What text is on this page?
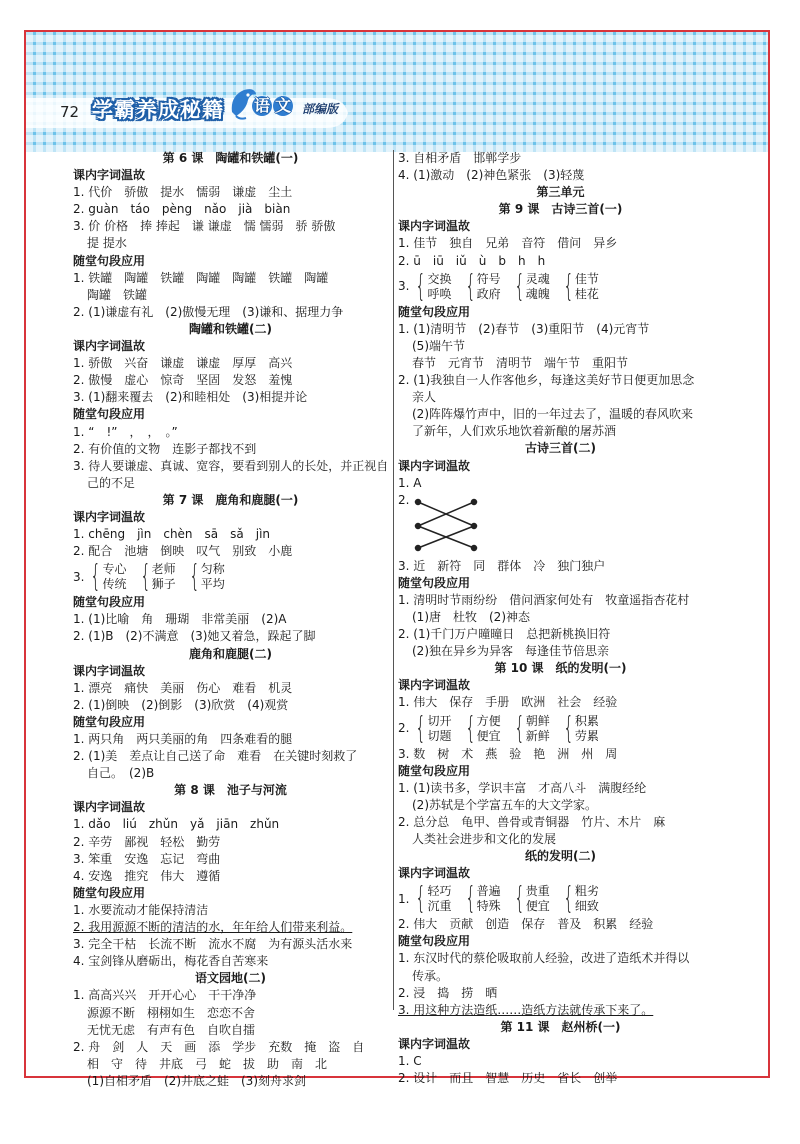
72 学霸养成秘籍 语 文 部编版
第 6 课　陶罐和铁罐(一)
课内字词温故
1. 代价　骄傲　提水　懦弱　谦虚　尘土
2. guàn　táo　pèng　nǎo　jià　biàn
3. 价 价格　捧 捧起　谦 谦虚　懦 懦弱　骄 骄傲
提 提水
随堂句段应用
1. 铁罐　陶罐　铁罐　陶罐　陶罐　铁罐　陶罐
陶罐　铁罐
2. (1)谦虚有礼　(2)傲慢无理　(3)谦和、据理力争
陶罐和铁罐(二)
课内字词温故
1. 骄傲　兴奋　谦虚　谦虚　厚厚　高兴
2. 傲慢　虚心　惊奇　坚固　发怒　羞愧
3. (1)翻来覆去　(2)和睦相处　(3)相提并论
随堂句段应用
1. “　!”　，　，　。”
2. 有价值的文物　连影子都找不到
3. 待人要谦虚、真诚、宽容，要看到别人的长处，并正视自
己的不足
第 7 课　鹿角和鹿腿(一)
课内字词温故
1. chēng　jìn　chèn　sā　sǎ　jìn
2. 配合　池塘　倒映　叹气　别致　小鹿
3. { 专心
传统 { 老师
狮子 { 匀称
平均
随堂句段应用
1. (1)比喻　角　珊瑚　非常美丽　(2)A
2. (1)B　(2)不满意　(3)她又着急，跺起了脚
鹿角和鹿腿(二)
课内字词温故
1. 漂亮　痛快　美丽　伤心　难看　机灵
2. (1)倒映　(2)倒影　(3)欣赏　(4)观赏
随堂句段应用
1. 两只角　两只美丽的角　四条难看的腿
2. (1)美　差点让自己送了命　难看　在关键时刻救了
自己。　(2)B
第 8 课　池子与河流
课内字词温故
1. dǎo　liú　zhǔn　yǎ　jiān　zhǔn
2. 辛劳　鄙视　轻松　勤劳
3. 笨重　安逸　忘记　弯曲
4. 安逸　推究　伟大　遵循
随堂句段应用
1. 水要流动才能保持清洁
2. 我用源源不断的清洁的水，年年给人们带来利益。
3. 完全干枯　长流不断　流水不腐　为有源头活水来
4. 宝剑锋从磨砺出，梅花香自苦寒来
语文园地(二)
1. 高高兴兴　开开心心　干干净净
源源不断　栩栩如生　恋恋不舍
无忧无虑　有声有色　自吹自擂
2. 舟　剑　人　天　画　添　学步　充数　掩　盗　自
相　守　待　井底　弓　蛇　拔　助　南　北
(1)自相矛盾　(2)井底之蛙　(3)刻舟求剑
3. 自相矛盾　邯郸学步
4. (1)激动　(2)神色紧张　(3)轻蔑
第三单元
第 9 课　古诗三首(一)
课内字词温故
1. 佳节　独自　兄弟　音符　借问　异乡
2. ū　iū　iǔ　ù　b　h　h
3. { 交换
呼唤 { 符号
政府 { 灵魂
魂魄 { 佳节
桂花
随堂句段应用
1. (1)清明节　(2)春节　(3)重阳节　(4)元宵节
(5)端午节
春节　元宵节　清明节　端午节　重阳节
2. (1)我独自一人作客他乡，每逢这美好节日便更加思念
亲人
(2)阵阵爆竹声中，旧的一年过去了，温暖的春风吹来
了新年，人们欢乐地饮着新酿的屠苏酒
古诗三首(二)
课内字词温故
1. A
2.
3. 近　新符　同　群体　冷　独门独户
随堂句段应用
1. 清明时节雨纷纷　借问酒家何处有　牧童遥指杏花村
(1)唐　杜牧　(2)神态
2. (1)千门万户曈曈日　总把新桃换旧符
(2)独在异乡为异客　每逢佳节倍思亲
第 10 课　纸的发明(一)
课内字词温故
1. 伟大　保存　手册　欧洲　社会　经验
2. { 切开
切题 { 方便
便宜 { 朝鲜
新鲜 { 积累
劳累
3. 数　树　术　燕　验　艳　洲　州　周
随堂句段应用
1. (1)读书多，学识丰富　才高八斗　满腹经纶
(2)苏轼是个学富五车的大文学家。
2. 总分总　龟甲、兽骨或青铜器　竹片、木片　麻
人类社会进步和文化的发展
纸的发明(二)
课内字词温故
1. { 轻巧
沉重 { 普遍
特殊 { 贵重
便宜 { 粗劣
细致
2. 伟大　贡献　创造　保存　普及　积累　经验
随堂句段应用
1. 东汉时代的蔡伦吸取前人经验，改进了造纸术并得以
传承。
2. 浸　捣　捞　晒
3. 用这种方法造纸……造纸方法就传承下来了。
第 11 课　赵州桥(一)
课内字词温故
1. C
2. 设计　而且　智慧　历史　省长　创举
